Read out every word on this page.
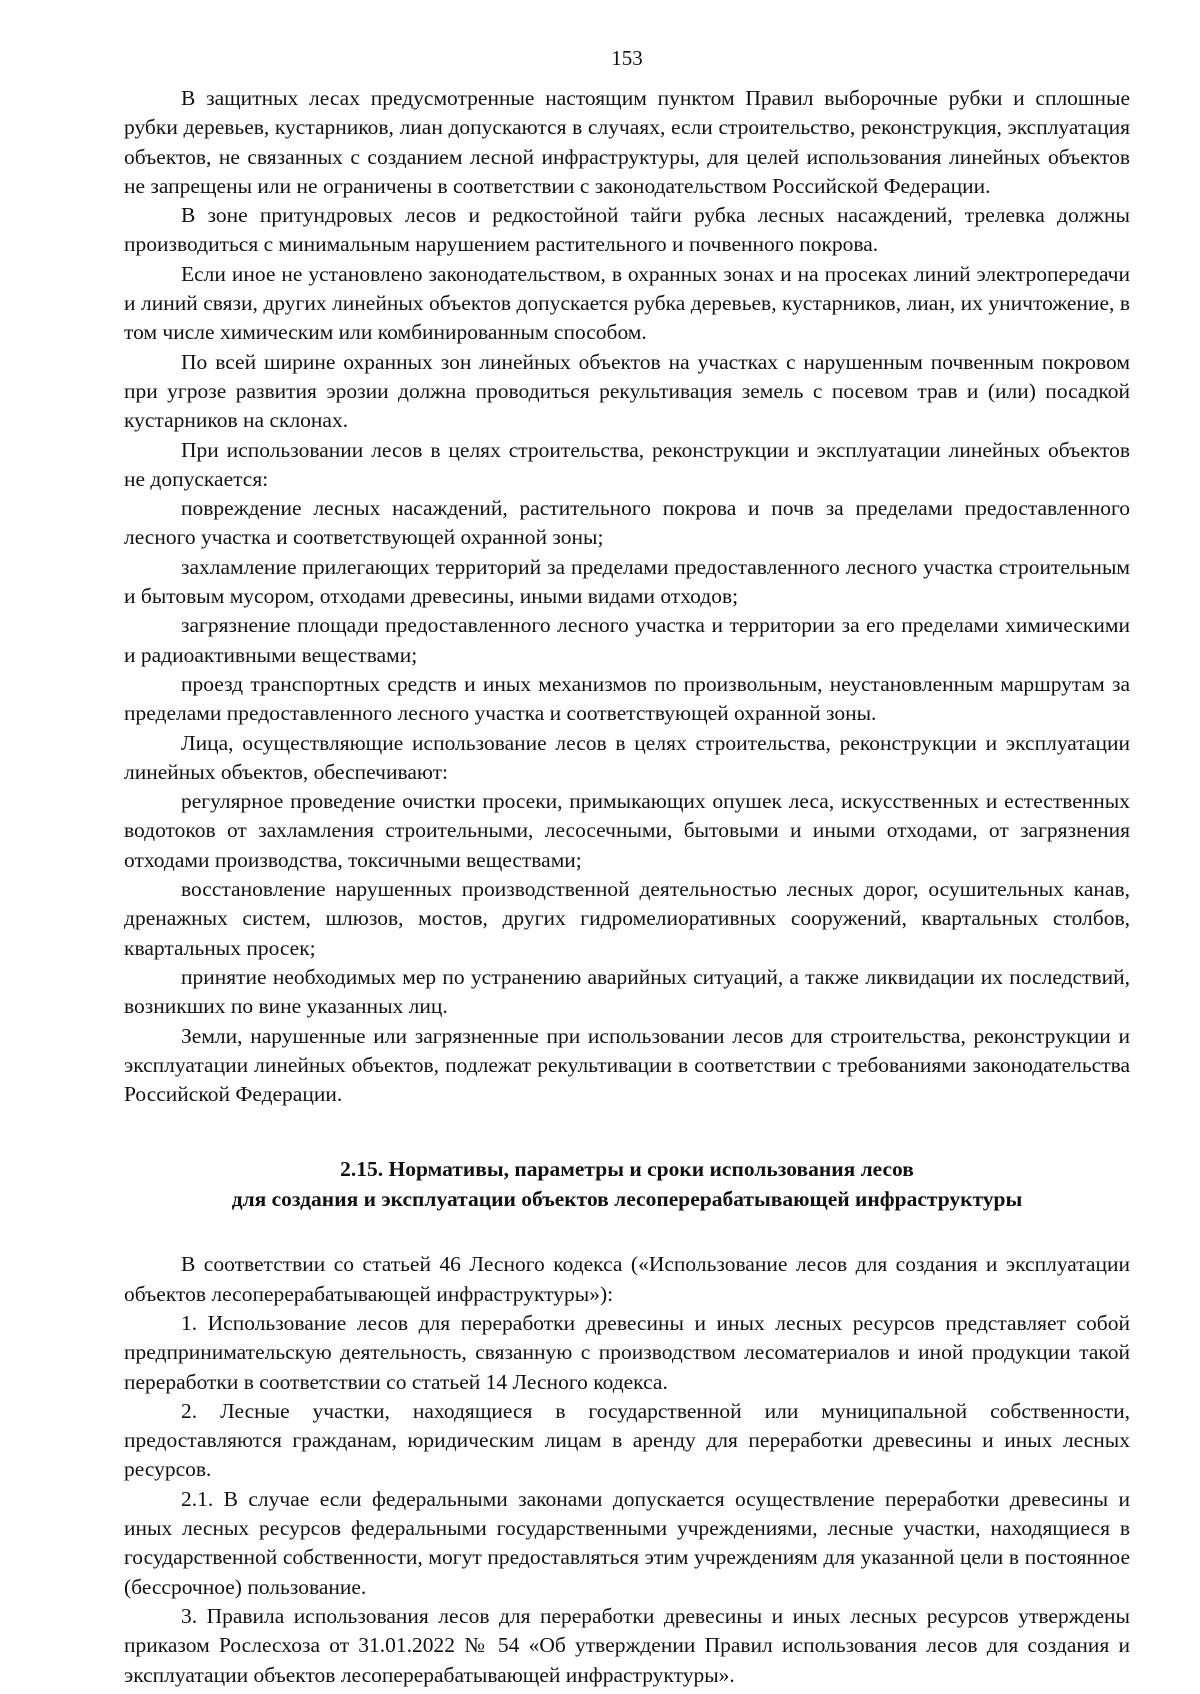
153

В защитных лесах предусмотренные настоящим пунктом Правил выборочные рубки и сплошные рубки деревьев, кустарников, лиан допускаются в случаях, если строительство, реконструкция, эксплуатация объектов, не связанных с созданием лесной инфраструктуры, для целей использования линейных объектов не запрещены или не ограничены в соответствии с законодательством Российской Федерации.

В зоне притундровых лесов и редкостойной тайги рубка лесных насаждений, трелевка должны производиться с минимальным нарушением растительного и почвенного покрова.

Если иное не установлено законодательством, в охранных зонах и на просеках линий электропередачи и линий связи, других линейных объектов допускается рубка деревьев, кустарников, лиан, их уничтожение, в том числе химическим или комбинированным способом.

По всей ширине охранных зон линейных объектов на участках с нарушенным почвенным покровом при угрозе развития эрозии должна проводиться рекультивация земель с посевом трав и (или) посадкой кустарников на склонах.

При использовании лесов в целях строительства, реконструкции и эксплуатации линейных объектов не допускается:

повреждение лесных насаждений, растительного покрова и почв за пределами предоставленного лесного участка и соответствующей охранной зоны;

захламление прилегающих территорий за пределами предоставленного лесного участка строительным и бытовым мусором, отходами древесины, иными видами отходов;

загрязнение площади предоставленного лесного участка и территории за его пределами химическими и радиоактивными веществами;

проезд транспортных средств и иных механизмов по произвольным, неустановленным маршрутам за пределами предоставленного лесного участка и соответствующей охранной зоны.

Лица, осуществляющие использование лесов в целях строительства, реконструкции и эксплуатации линейных объектов, обеспечивают:

регулярное проведение очистки просеки, примыкающих опушек леса, искусственных и естественных водотоков от захламления строительными, лесосечными, бытовыми и иными отходами, от загрязнения отходами производства, токсичными веществами;

восстановление нарушенных производственной деятельностью лесных дорог, осушительных канав, дренажных систем, шлюзов, мостов, других гидромелиоративных сооружений, квартальных столбов, квартальных просек;

принятие необходимых мер по устранению аварийных ситуаций, а также ликвидации их последствий, возникших по вине указанных лиц.

Земли, нарушенные или загрязненные при использовании лесов для строительства, реконструкции и эксплуатации линейных объектов, подлежат рекультивации в соответствии с требованиями законодательства Российской Федерации.

2.15. Нормативы, параметры и сроки использования лесов
для создания и эксплуатации объектов лесоперерабатывающей инфраструктуры

В соответствии со статьей 46 Лесного кодекса («Использование лесов для создания и эксплуатации объектов лесоперерабатывающей инфраструктуры»):

1. Использование лесов для переработки древесины и иных лесных ресурсов представляет собой предпринимательскую деятельность, связанную с производством лесоматериалов и иной продукции такой переработки в соответствии со статьей 14 Лесного кодекса.

2. Лесные участки, находящиеся в государственной или муниципальной собственности, предоставляются гражданам, юридическим лицам в аренду для переработки древесины и иных лесных ресурсов.

2.1. В случае если федеральными законами допускается осуществление переработки древесины и иных лесных ресурсов федеральными государственными учреждениями, лесные участки, находящиеся в государственной собственности, могут предоставляться этим учреждениям для указанной цели в постоянное (бессрочное) пользование.

3. Правила использования лесов для переработки древесины и иных лесных ресурсов утверждены приказом Рослесхоза от 31.01.2022 № 54 «Об утверждении Правил использования лесов для создания и эксплуатации объектов лесоперерабатывающей инфраструктуры».
